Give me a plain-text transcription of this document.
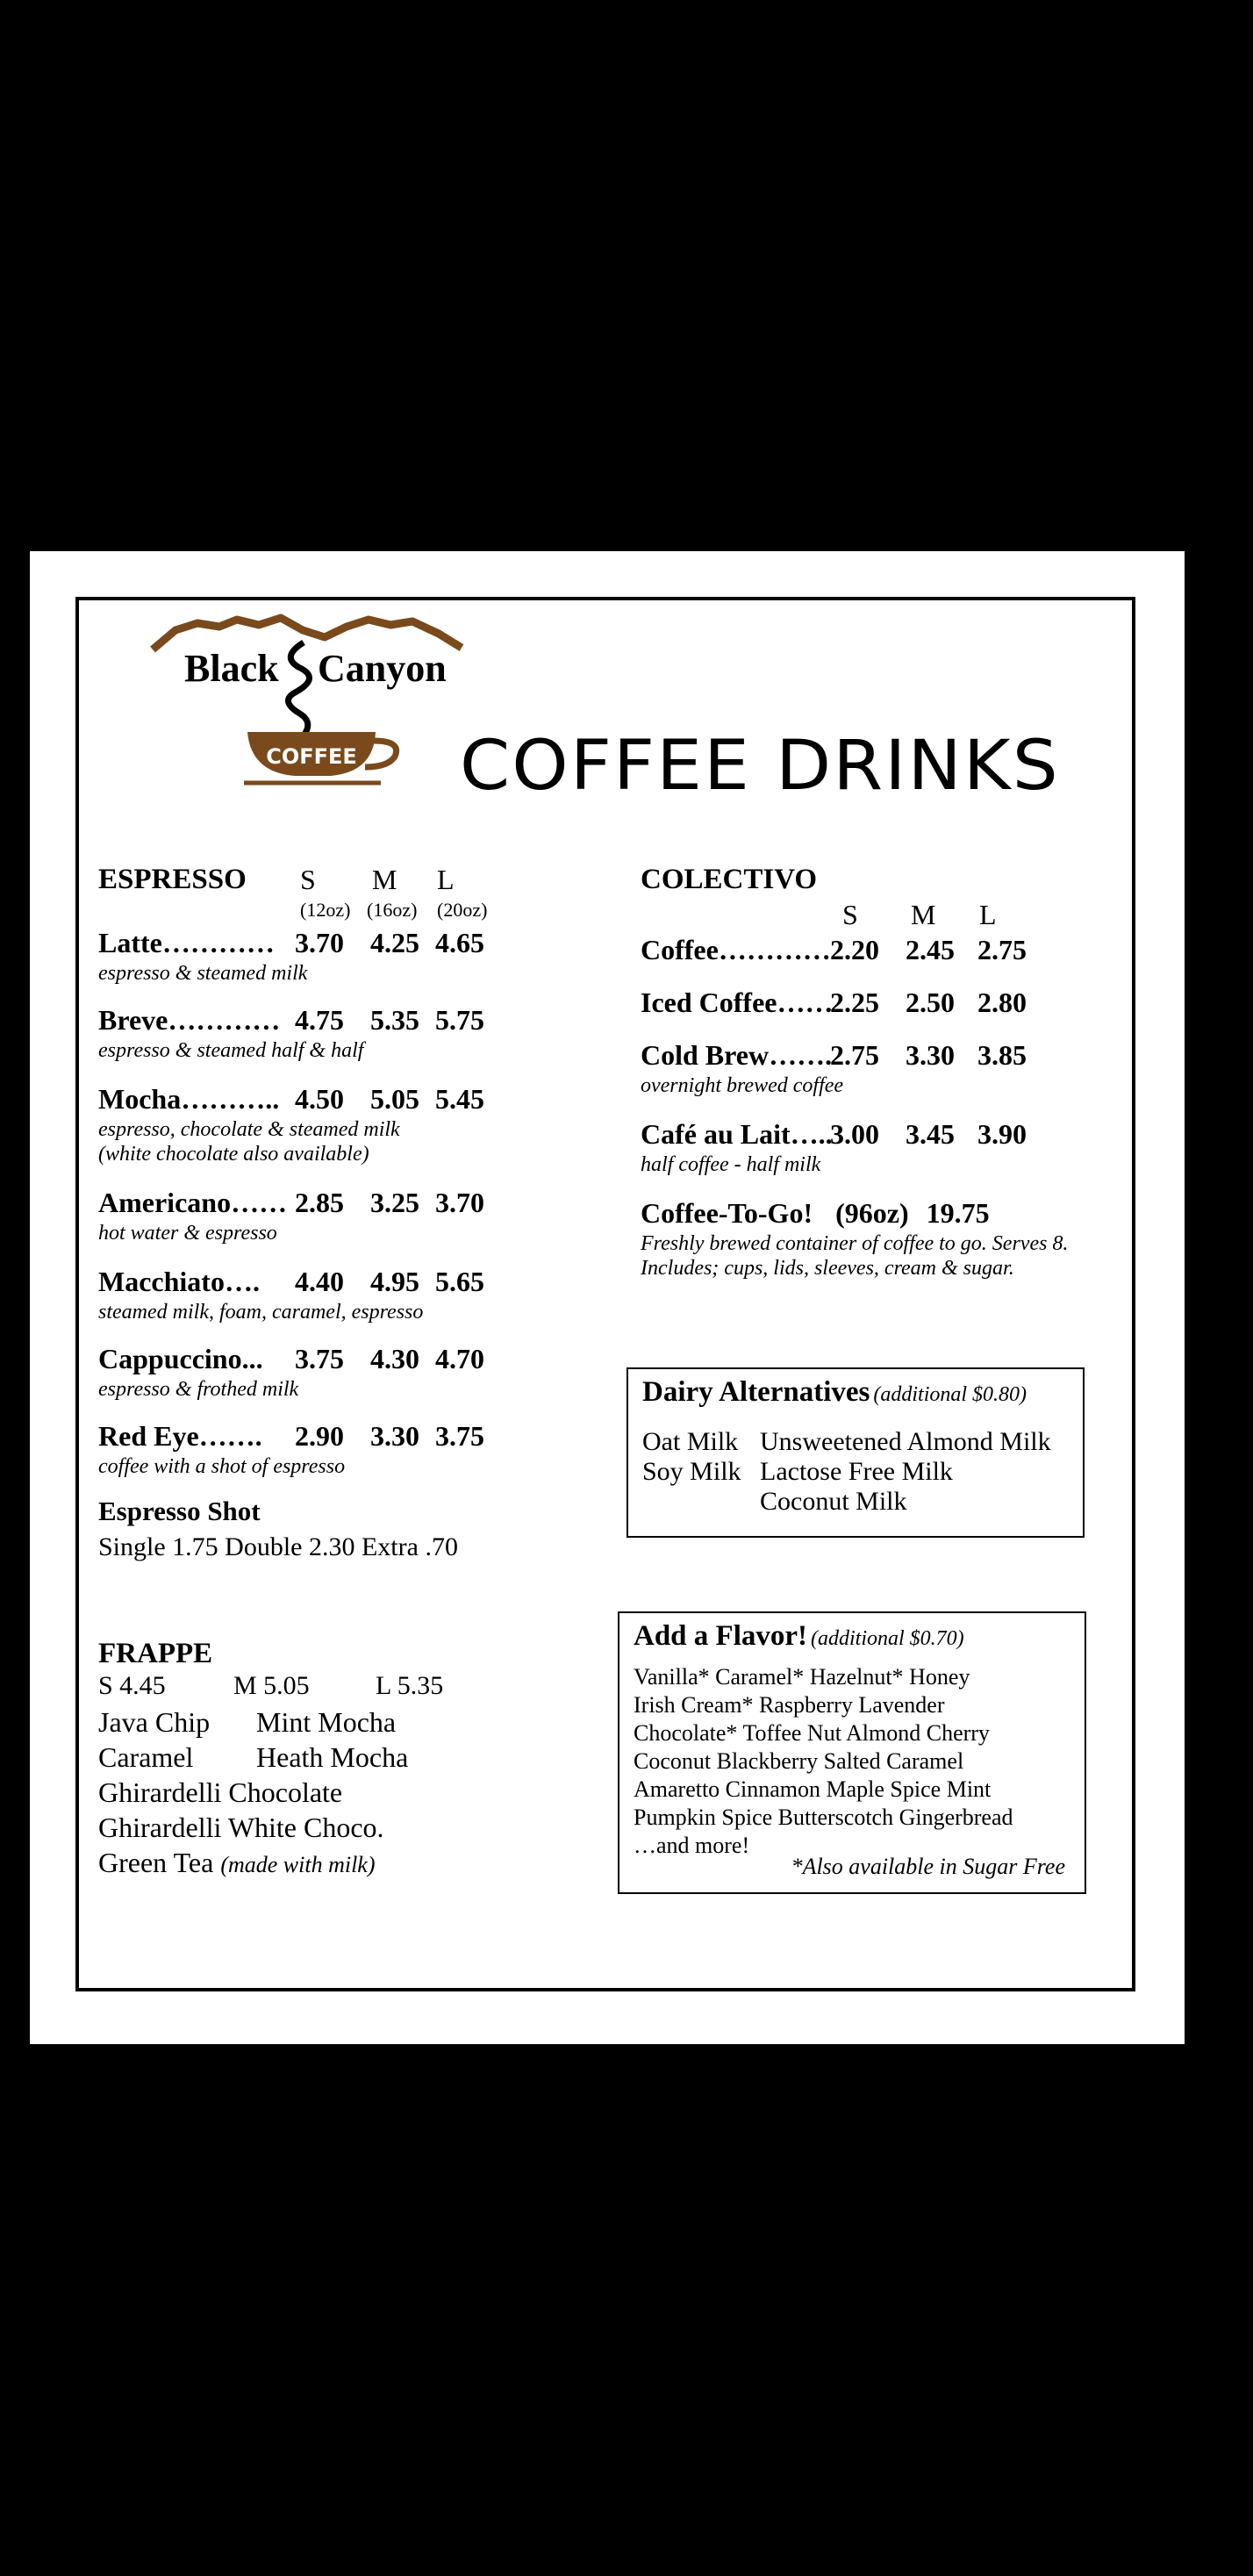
COFFEE
Black Canyon
COFFEE DRINKS
ESPRESSO S M L
(12oz) (16oz) (20oz)
Latte………… 3.70 4.25 4.65
espresso & steamed milk
Breve………… 4.75 5.35 5.75
espresso & steamed half & half
Mocha……….. 4.50 5.05 5.45
espresso, chocolate & steamed milk
(white chocolate also available)
Americano…… 2.85 3.25 3.70
hot water & espresso
Macchiato…. 4.40 4.95 5.65
steamed milk, foam, caramel, espresso
Cappuccino... 3.75 4.30 4.70
espresso & frothed milk
Red Eye……. 2.90 3.30 3.75
coffee with a shot of espresso
Espresso Shot
Single 1.75 Double 2.30 Extra .70
FRAPPE
S 4.45	M 5.05	L 5.35
Java Chip Mint Mocha
Caramel Heath Mocha
Ghirardelli Chocolate
Ghirardelli White Choco.
Green Tea (made with milk)
COLECTIVO
S M L
Coffee………… 2.20 2.45 2.75
Iced Coffee……
2.25 2.50 2.80
Cold Brew…….
2.75 3.30 3.85
overnight brewed coffee
Café au Lait…..
3.00 3.45 3.90
half coffee - half milk
Coffee-To-Go! (96oz) 19.75
Freshly brewed container of coffee to go. Serves 8.
Includes; cups, lids, sleeves, cream & sugar.
Dairy Alternatives (additional $0.80)
Oat Milk
Soy Milk
Unsweetened Almond Milk
Lactose Free Milk
Coconut Milk
Add a Flavor! (additional $0.70)
Vanilla* Caramel* Hazelnut* Honey
Irish Cream* Raspberry Lavender
Chocolate* Toffee Nut Almond Cherry
Coconut Blackberry Salted Caramel
Amaretto Cinnamon Maple Spice Mint
Pumpkin Spice Butterscotch Gingerbread
…and more!
*Also available in Sugar Free
